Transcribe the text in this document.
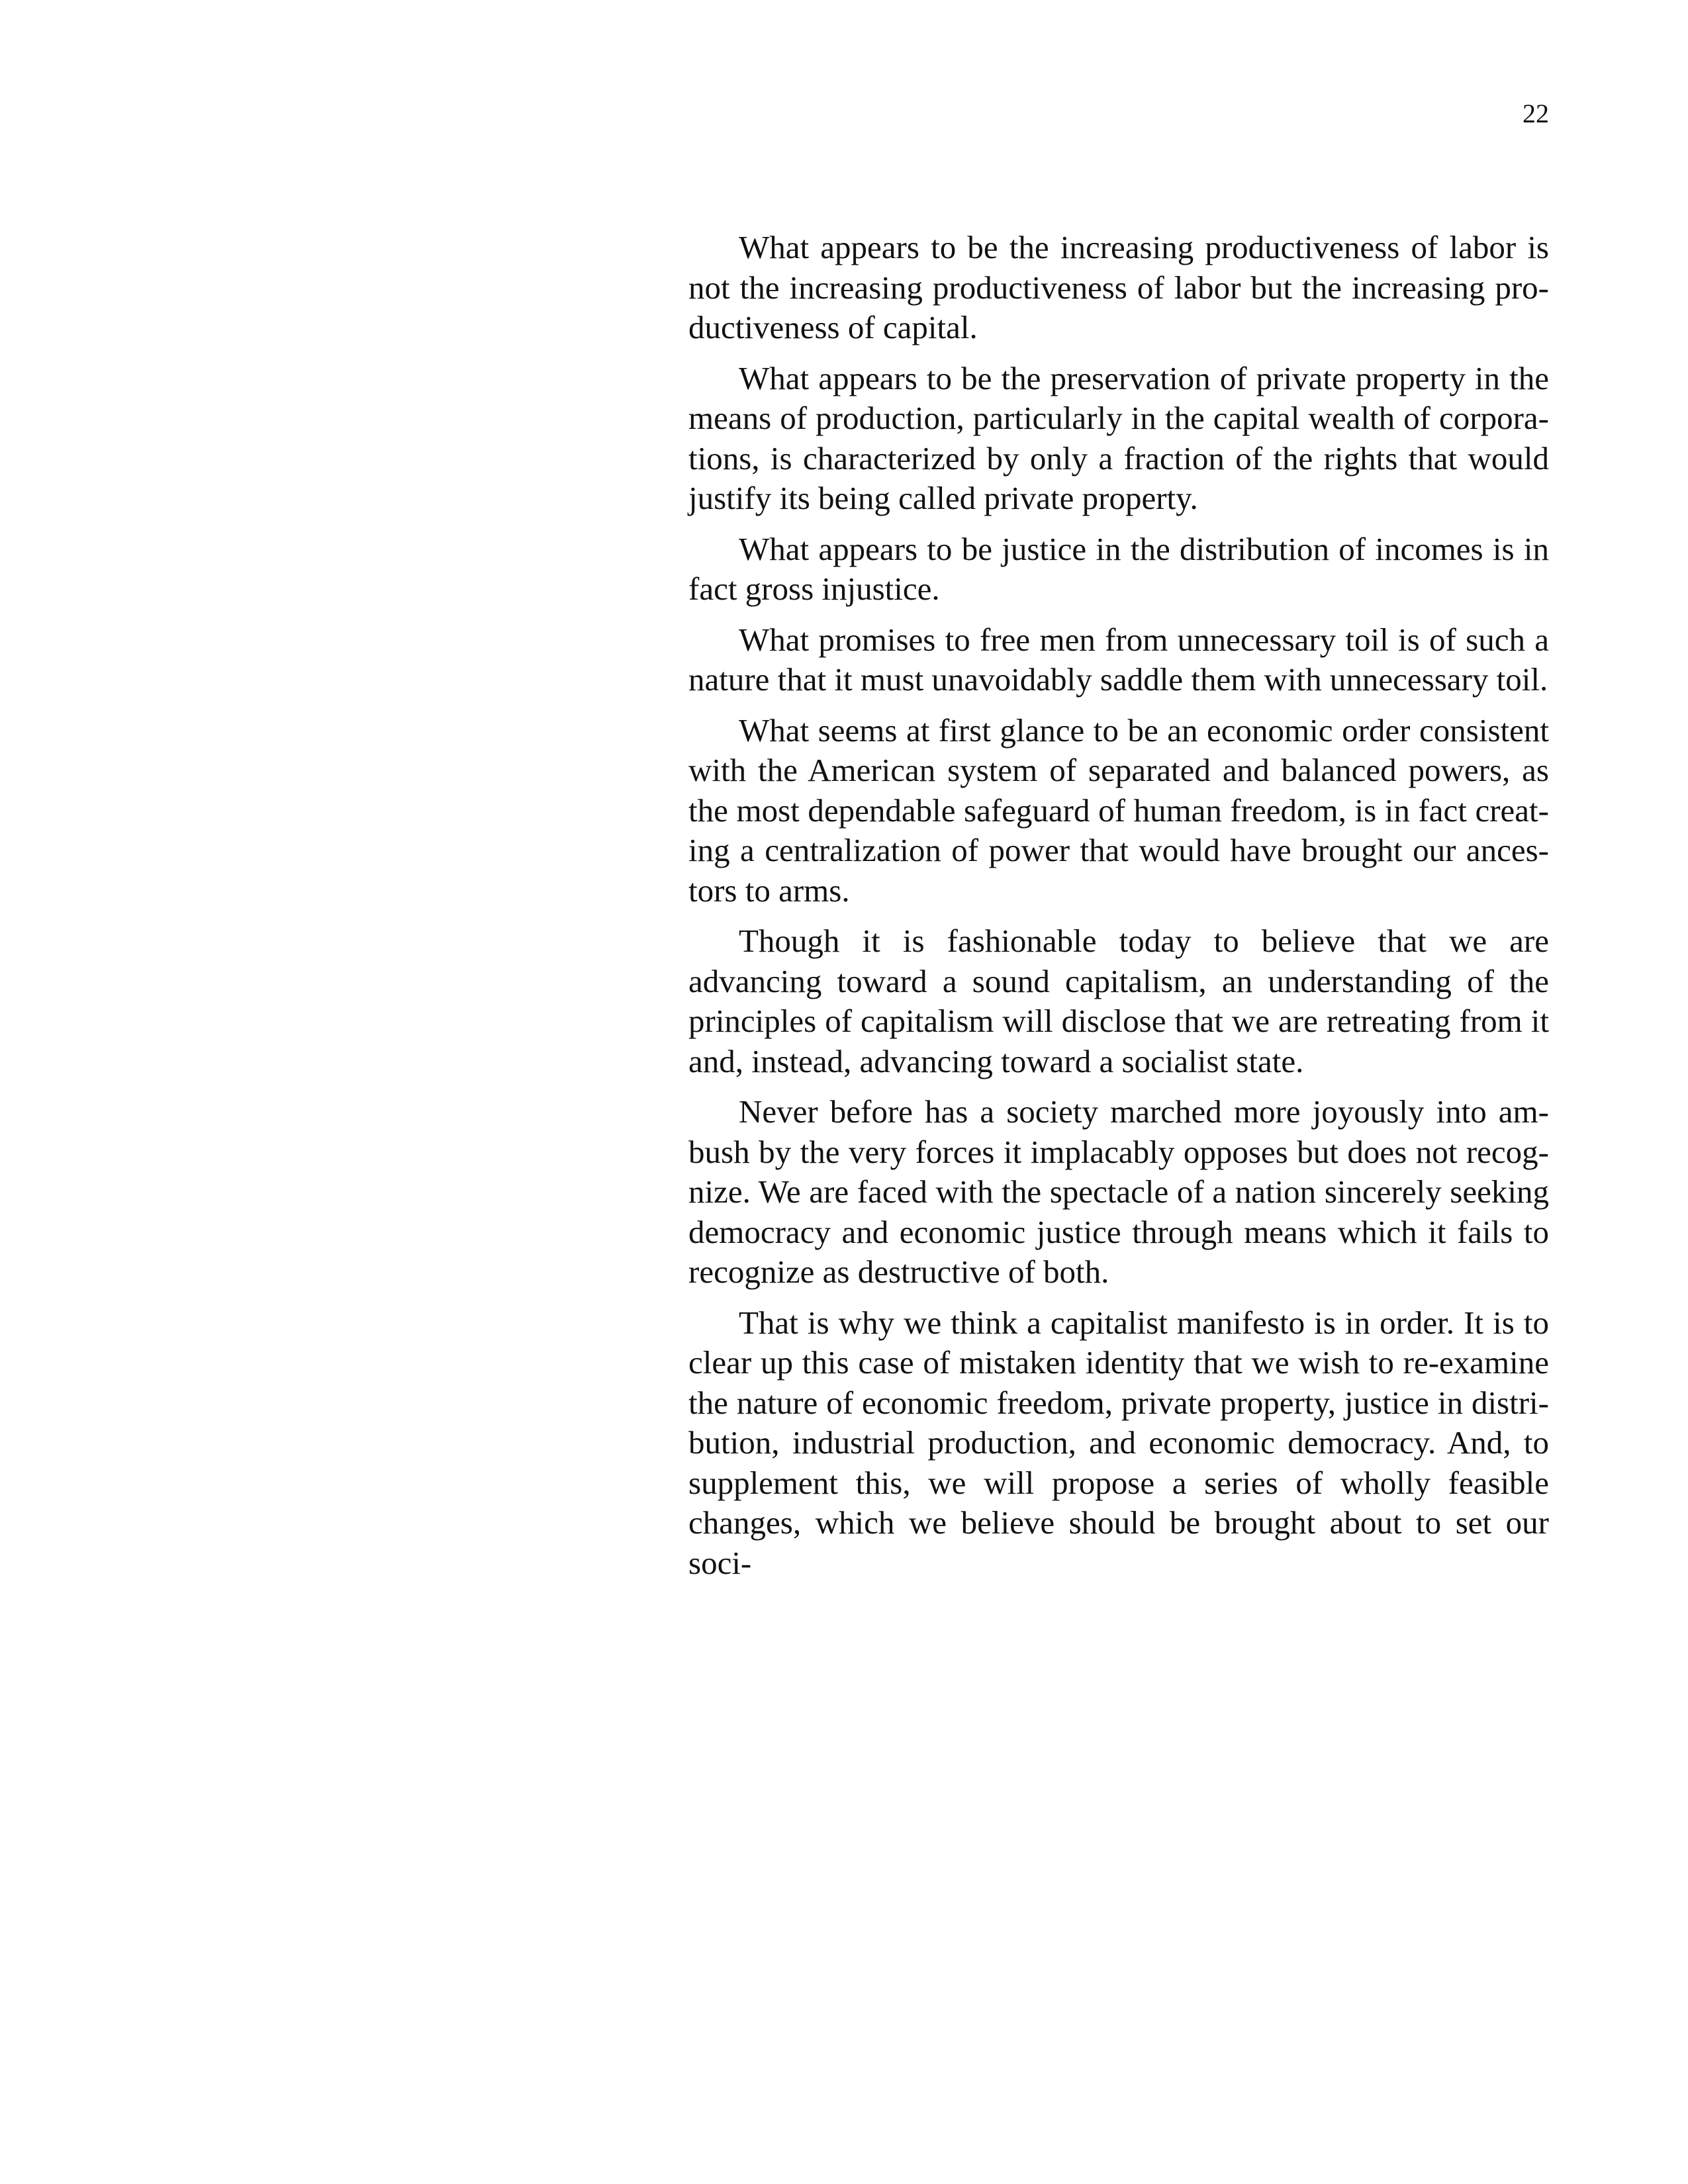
22

What appears to be the increasing productiveness of labor is not the increasing productiveness of labor but the increasing productiveness of capital.

What appears to be the preservation of private property in the means of production, particularly in the capital wealth of corporations, is characterized by only a fraction of the rights that would justify its being called private property.

What appears to be justice in the distribution of incomes is in fact gross injustice.

What promises to free men from unnecessary toil is of such a nature that it must unavoidably saddle them with unnecessary toil.

What seems at first glance to be an economic order consistent with the American system of separated and balanced powers, as the most dependable safeguard of human freedom, is in fact creating a centralization of power that would have brought our ancestors to arms.

Though it is fashionable today to believe that we are advancing toward a sound capitalism, an understanding of the principles of capitalism will disclose that we are retreating from it and, instead, advancing toward a socialist state.

Never before has a society marched more joyously into ambush by the very forces it implacably opposes but does not recognize. We are faced with the spectacle of a nation sincerely seeking democracy and economic justice through means which it fails to recognize as destructive of both.

That is why we think a capitalist manifesto is in order. It is to clear up this case of mistaken identity that we wish to re-examine the nature of economic freedom, private property, justice in distribution, industrial production, and economic democracy. And, to supplement this, we will propose a series of wholly feasible changes, which we believe should be brought about to set our soci-
